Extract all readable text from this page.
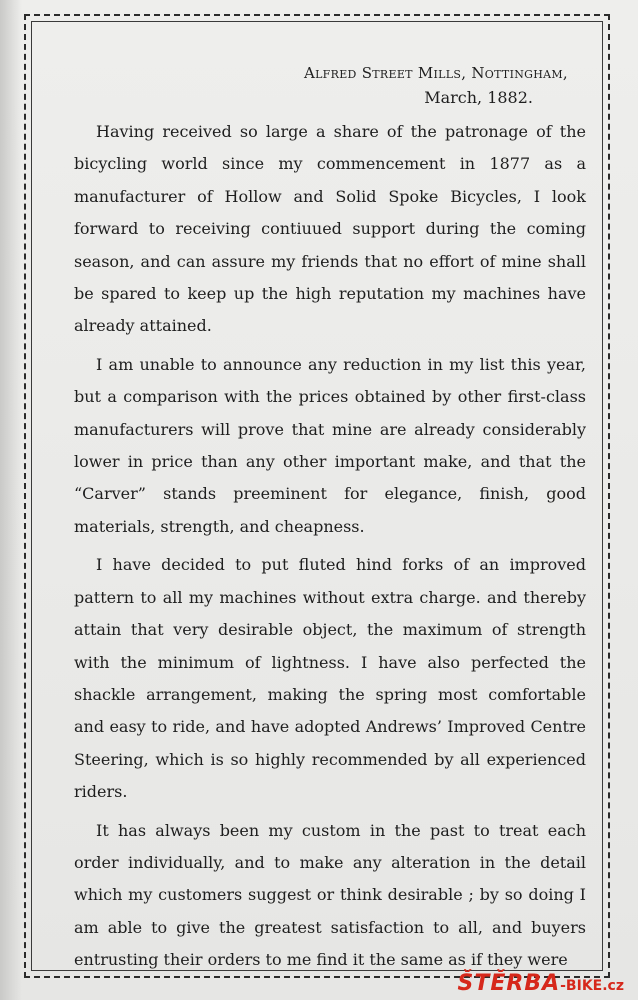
Alfred Street Mills, Nottingham,
March, 1882.

Having received so large a share of the patronage of the bicycling world since my commencement in 1877 as a manufacturer of Hollow and Solid Spoke Bicycles, I look forward to receiving contiuued support during the coming season, and can assure my friends that no effort of mine shall be spared to keep up the high reputation my machines have already attained.

I am unable to announce any reduction in my list this year, but a comparison with the prices obtained by other first-class manufacturers will prove that mine are already considerably lower in price than any other important make, and that the “Carver” stands preeminent for elegance, finish, good materials, strength, and cheapness.

I have decided to put fluted hind forks of an improved pattern to all my machines without extra charge. and thereby attain that very desirable object, the maximum of strength with the minimum of lightness. I have also perfected the shackle arrangement, making the spring most comfortable and easy to ride, and have adopted Andrews’ Improved Centre Steering, which is so highly recommended by all experienced riders.

It has always been my custom in the past to treat each order individually, and to make any alteration in the detail which my customers suggest or think desirable ; by so doing I am able to give the greatest satisfaction to all, and buyers entrusting their orders to me find it the same as if they were

ŠTĚRBA-BIKE.cz
